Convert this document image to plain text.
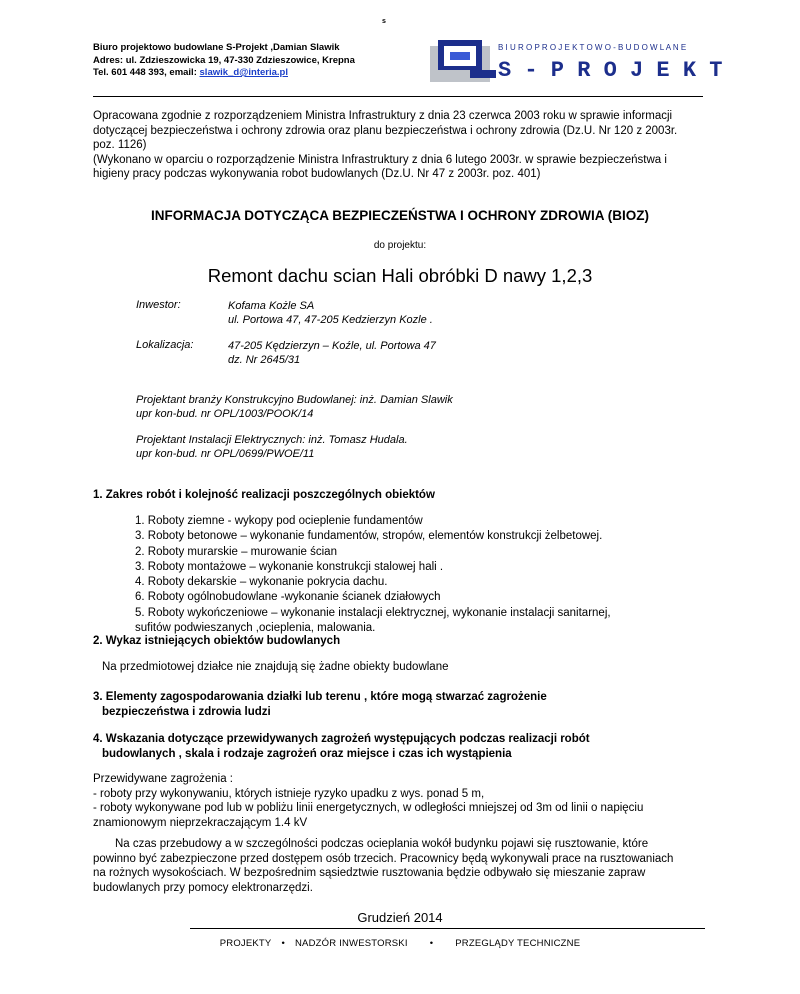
s
Biuro projektowo budowlane S-Projekt ,Damian Slawik
Adres: ul. Zdzieszowicka 19, 47-330 Zdzieszowice, Krepna
Tel. 601 448 393, email: slawik_d@interia.pl
B I U R O P R O J E K T O W O - B U D O W L A N E
S - P R O J E K T

Opracowana zgodnie z rozporządzeniem Ministra Infrastruktury z dnia 23 czerwca 2003 roku w sprawie informacji dotyczącej bezpieczeństwa i ochrony zdrowia oraz planu bezpieczeństwa i ochrony zdrowia (Dz.U. Nr 120 z 2003r. poz. 1126)

(Wykonano w oparciu o rozporządzenie Ministra Infrastruktury z dnia 6 lutego 2003r. w sprawie bezpieczeństwa i higieny pracy podczas wykonywania robot budowlanych (Dz.U. Nr 47 z 2003r. poz. 401)

INFORMACJA DOTYCZĄCA BEZPIECZEŃSTWA I OCHRONY ZDROWIA (BIOZ)
do projektu:
Remont dachu scian Hali obróbki D nawy 1,2,3
Inwestor:	Kofama Kożle SA
ul. Portowa 47, 47-205 Kedzierzyn Kozle .
Lokalizacja:	47-205 Kędzierzyn – Koźle, ul. Portowa 47
dz. Nr 2645/31
Projektant branży Konstrukcyjno Budowlanej: inż. Damian Slawik
upr kon-bud. nr OPL/1003/POOK/14
Projektant Instalacji Elektrycznych: inż. Tomasz Hudala.
upr kon-bud. nr OPL/0699/PWOE/11
1. Zakres robót i kolejność realizacji poszczególnych obiektów
1. Roboty ziemne - wykopy pod ocieplenie fundamentów
3. Roboty betonowe – wykonanie fundamentów, stropów, elementów konstrukcji żelbetowej.
2. Roboty murarskie – murowanie ścian
3. Roboty montażowe – wykonanie konstrukcji stalowej hali .
4. Roboty dekarskie – wykonanie pokrycia dachu.
6. Roboty ogólnobudowlane -wykonanie ścianek działowych
5. Roboty wykończeniowe – wykonanie instalacji elektrycznej, wykonanie instalacji sanitarnej,
sufitów podwieszanych ,ocieplenia, malowania.
2. Wykaz istniejących obiektów budowlanych
Na przedmiotowej działce nie znajdują się żadne obiekty budowlane
3. Elementy zagospodarowania działki lub terenu , które mogą stwarzać zagrożenie
bezpieczeństwa i zdrowia ludzi
4. Wskazania dotyczące przewidywanych zagrożeń występujących podczas realizacji robót
budowlanych , skala i rodzaje zagrożeń oraz miejsce i czas ich wystąpienia
Przewidywane zagrożenia :
- roboty przy wykonywaniu, których istnieje ryzyko upadku z wys. ponad 5 m,
- roboty wykonywane pod lub w pobliżu linii energetycznych, w odległości mniejszej od 3m od linii o napięciu znamionowym nieprzekraczającym 1.4 kV
Na czas przebudowy a w szczególności podczas ocieplania wokół budynku pojawi się rusztowanie, które powinno być zabezpieczone przed dostępem osób trzecich. Pracownicy będą wykonywali prace na rusztowaniach na rożnych wysokościach. W bezpośrednim sąsiedztwie rusztowania będzie odbywało się mieszanie zapraw budowlanych przy pomocy elektronarzędzi.
Grudzień 2014
PROJEKTY • NADZÓR INWESTORSKI • PRZEGLĄDY TECHNICZNE
